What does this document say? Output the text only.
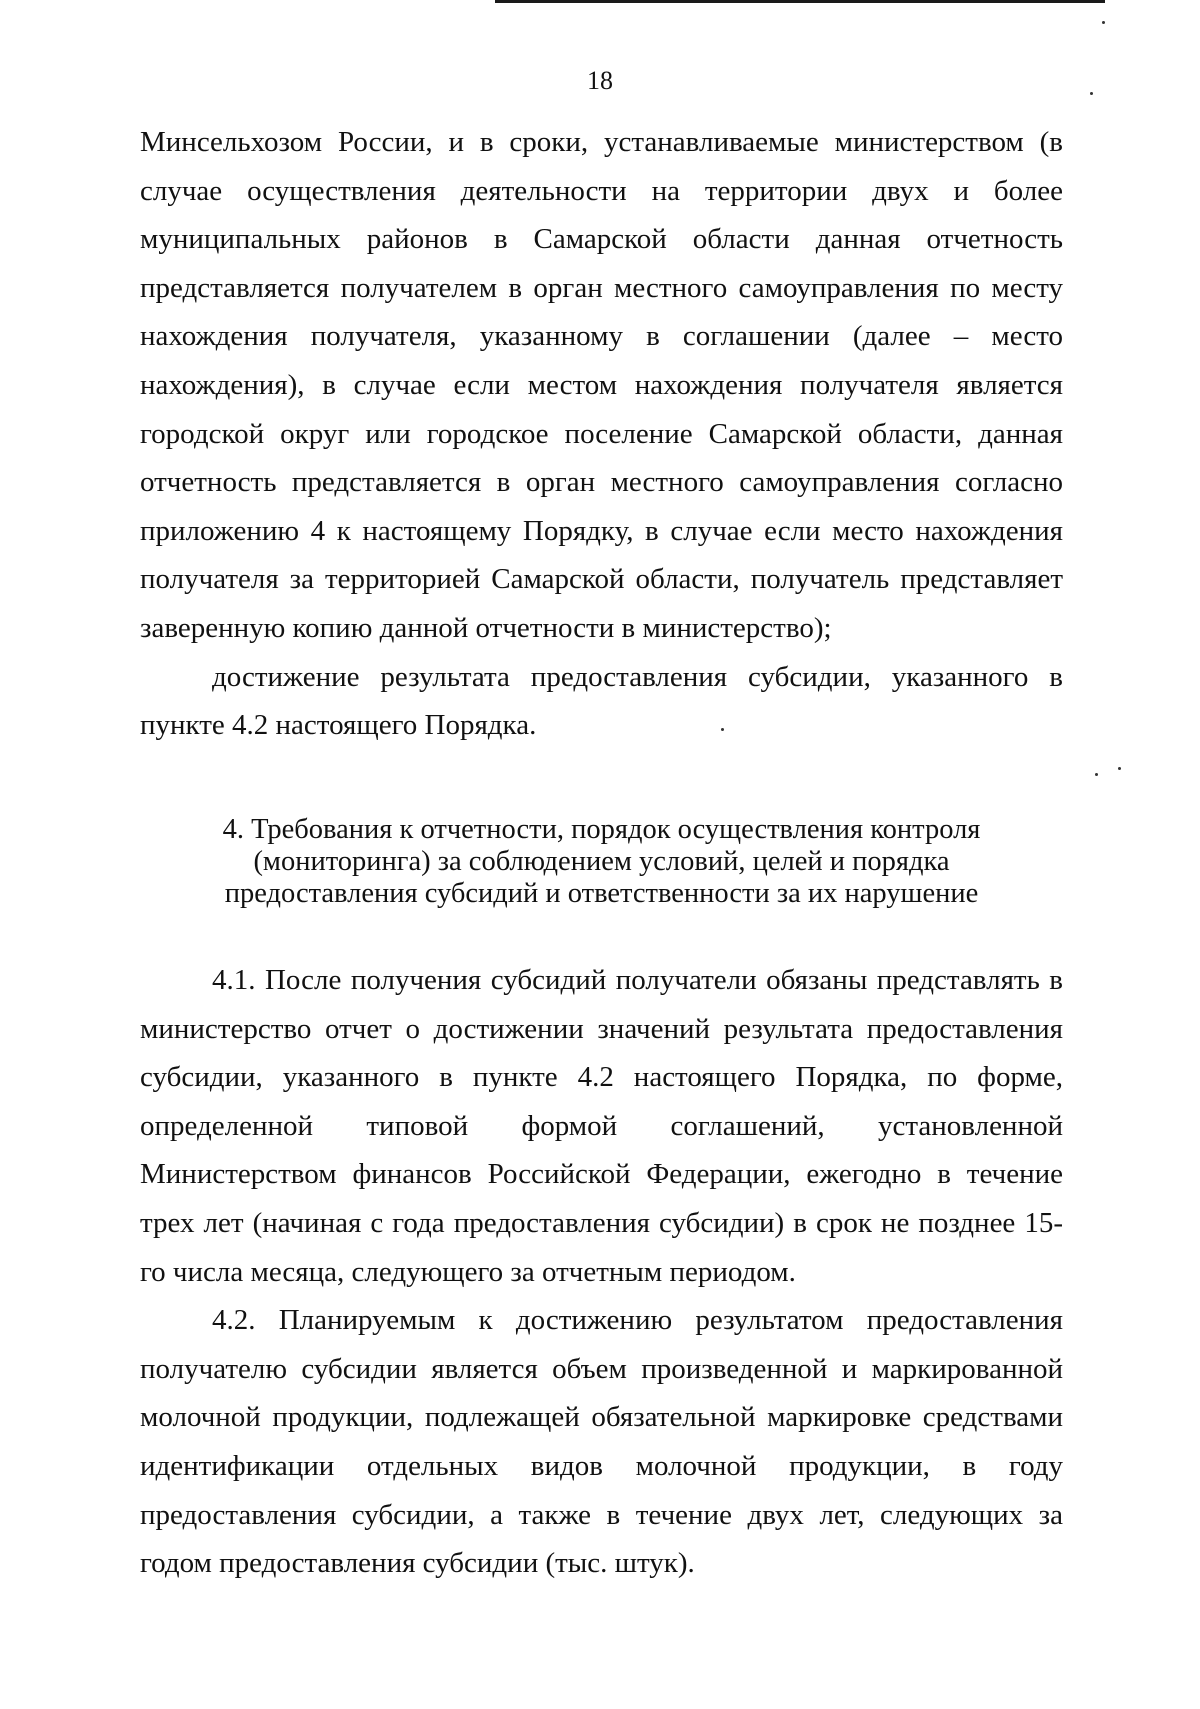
18

Минсельхозом России, и в сроки, устанавливаемые министерством (в случае осуществления деятельности на территории двух и более муниципальных районов в Самарской области данная отчетность представляется получателем в орган местного самоуправления по месту нахождения получателя, указанному в соглашении (далее – место нахождения), в случае если местом нахождения получателя является городской округ или городское поселение Самарской области, данная отчетность представляется в орган местного самоуправления согласно приложению 4 к настоящему Порядку, в случае если место нахождения получателя за территорией Самарской области, получатель представляет заверенную копию данной отчетности в министерство);

достижение результата предоставления субсидии, указанного в пункте 4.2 настоящего Порядка.

4. Требования к отчетности, порядок осуществления контроля
(мониторинга) за соблюдением условий, целей и порядка
предоставления субсидий и ответственности за их нарушение

4.1. После получения субсидий получатели обязаны представлять в министерство отчет о достижении значений результата предоставления субсидии, указанного в пункте 4.2 настоящего Порядка, по форме, определенной типовой формой соглашений, установленной Министерством финансов Российской Федерации, ежегодно в течение трех лет (начиная с года предоставления субсидии) в срок не позднее 15-го числа месяца, следующего за отчетным периодом.

4.2. Планируемым к достижению результатом предоставления получателю субсидии является объем произведенной и маркированной молочной продукции, подлежащей обязательной маркировке средствами идентификации отдельных видов молочной продукции, в году предоставления субсидии, а также в течение двух лет, следующих за годом предоставления субсидии (тыс. штук).
